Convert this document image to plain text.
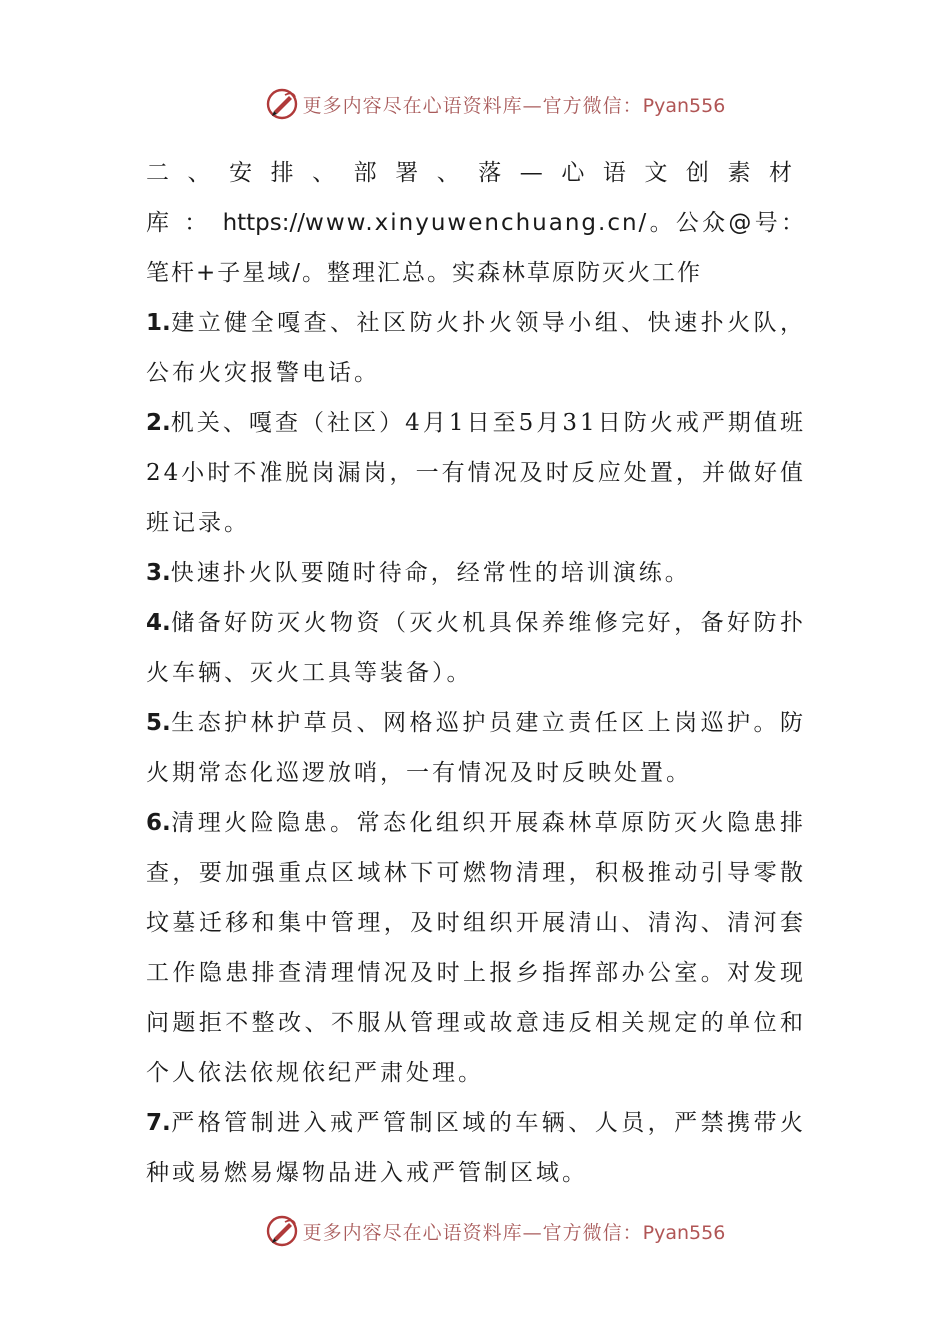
更多内容尽在心语资料库—官方微信：Pyan556

二、安排、部署、落—心语文创素材库：https://www.xinyuwenchuang.cn/。公众@号：笔杆+子星域/。整理汇总。实森林草原防灭火工作

1.建立健全嘎查、社区防火扑火领导小组、快速扑火队，公布火灾报警电话。

2.机关、嘎查（社区）4月1日至5月31日防火戒严期值班24小时不准脱岗漏岗，一有情况及时反应处置，并做好值班记录。

3.快速扑火队要随时待命，经常性的培训演练。

4.储备好防灭火物资（灭火机具保养维修完好，备好防扑火车辆、灭火工具等装备）。

5.生态护林护草员、网格巡护员建立责任区上岗巡护。防火期常态化巡逻放哨，一有情况及时反映处置。

6.清理火险隐患。常态化组织开展森林草原防灭火隐患排查，要加强重点区域林下可燃物清理，积极推动引导零散坟墓迁移和集中管理，及时组织开展清山、清沟、清河套工作隐患排查清理情况及时上报乡指挥部办公室。对发现问题拒不整改、不服从管理或故意违反相关规定的单位和个人依法依规依纪严肃处理。

7.严格管制进入戒严管制区域的车辆、人员，严禁携带火种或易燃易爆物品进入戒严管制区域。

更多内容尽在心语资料库—官方微信：Pyan556
